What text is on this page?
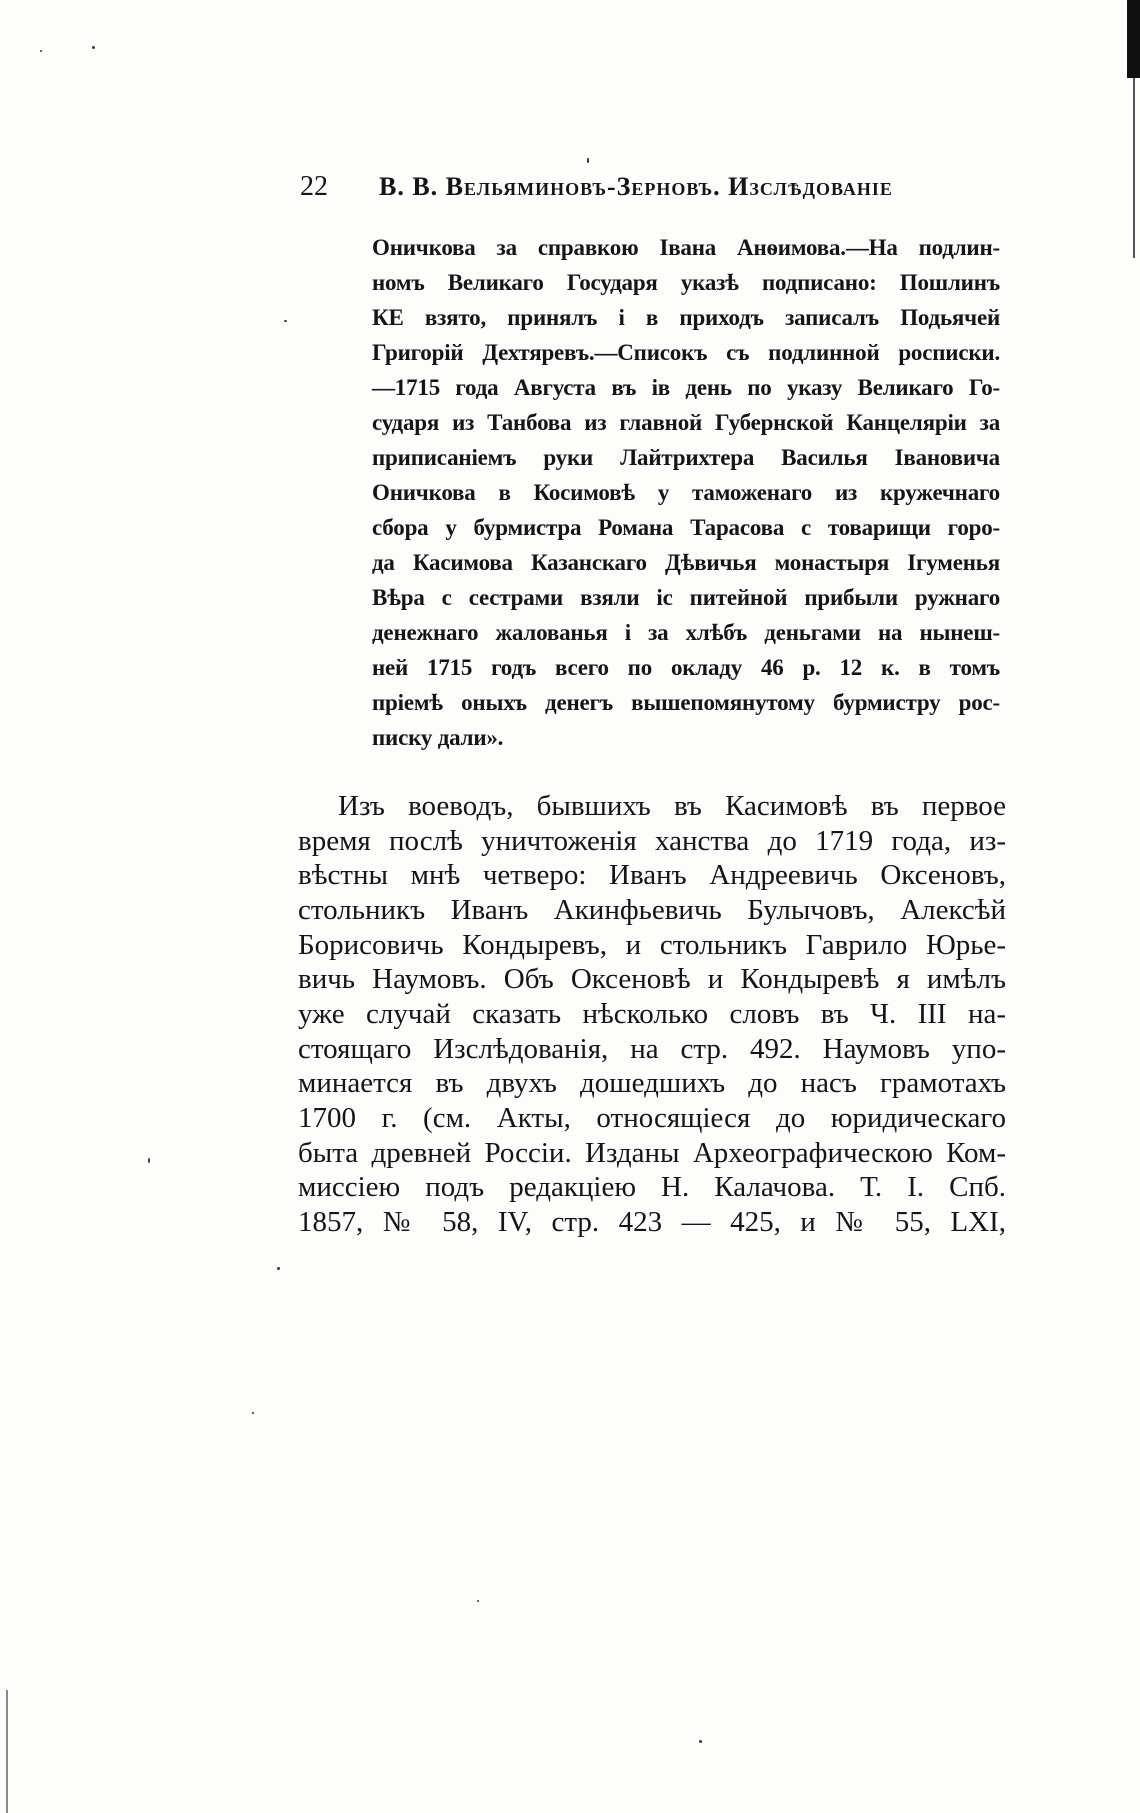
22 В. В. Вельяминовъ-Зерновъ. Изслѣдованіе
Оничкова за справкою Івана Анѳимова.—На подлин-
номъ Великаго Государя указѣ подписано: Пошлинъ
КЕ взято, принялъ і в приходъ записалъ Подьячей
Григорій Дехтяревъ.—Списокъ съ подлинной росписки.
—1715 года Августа въ ів день по указу Великаго Го-
сударя из Танбова из главной Губернской Канцеляріи за
приписаніемъ руки Лайтрихтера Василья Івановича
Оничкова в Косимовѣ у таможенаго из кружечнаго
сбора у бурмистра Романа Тарасова с товарищи горо-
да Касимова Казанскаго Дѣвичья монастыря Ігуменья
Вѣра с сестрами взяли іс питейной прибыли ружнаго
денежнаго жалованья і за хлѣбъ деньгами на нынеш-
ней 1715 годъ всего по окладу 46 р. 12 к. в томъ
пріемѣ оныхъ денегъ вышепомянутому бурмистру рос-
писку дали».
Изъ воеводъ, бывшихъ въ Касимовѣ въ первое
время послѣ уничтоженія ханства до 1719 года, из-
вѣстны мнѣ четверо: Иванъ Андреевичь Оксеновъ,
стольникъ Иванъ Акинфьевичь Булычовъ, Алексѣй
Борисовичь Кондыревъ, и стольникъ Гаврило Юрье-
вичь Наумовъ. Объ Оксеновѣ и Кондыревѣ я имѣлъ
уже случай сказать нѣсколько словъ въ Ч. III на-
стоящаго Изслѣдованія, на стр. 492. Наумовъ упо-
минается въ двухъ дошедшихъ до насъ грамотахъ
1700 г. (см. Акты, относящіеся до юридическаго
быта древней Россіи. Изданы Археографическою Ком-
миссіею подъ редакціею Н. Калачова. Т. I. Спб.
1857, № 58, IV, стр. 423 — 425, и № 55, LXI,
